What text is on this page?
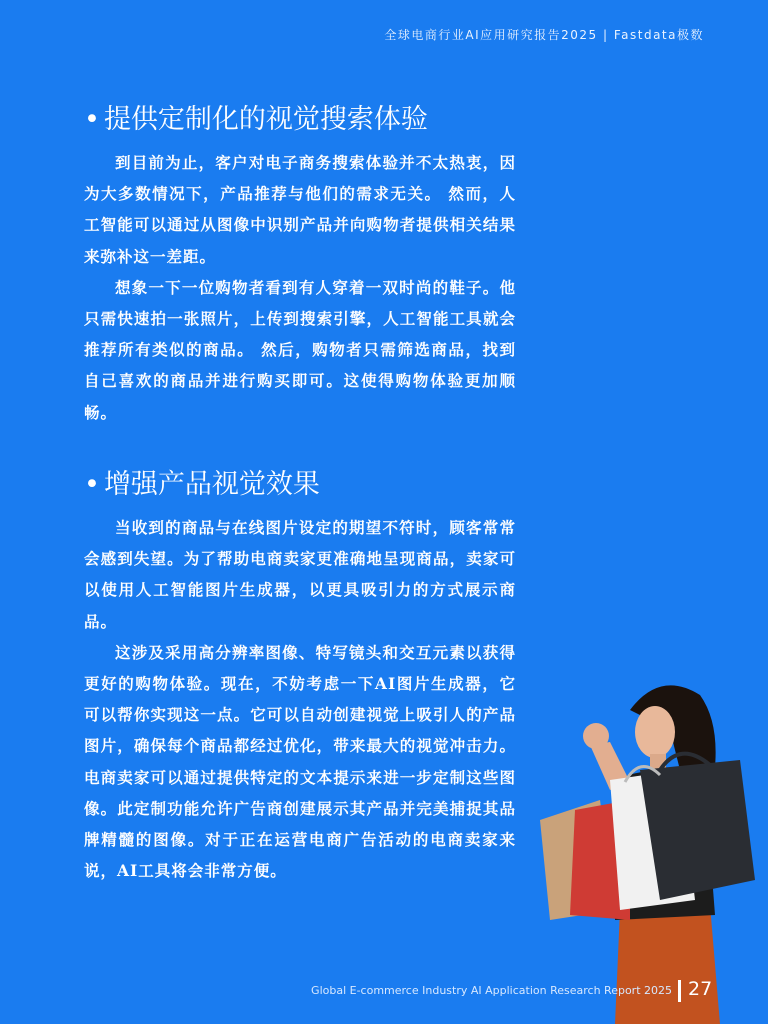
全球电商行业AI应用研究报告2025 | Fastdata极数
• 提供定制化的视觉搜索体验

到目前为止，客户对电子商务搜索体验并不太热衷，因为大多数情况下，产品推荐与他们的需求无关。 然而，人工智能可以通过从图像中识别产品并向购物者提供相关结果来弥补这一差距。

想象一下一位购物者看到有人穿着一双时尚的鞋子。他只需快速拍一张照片，上传到搜索引擎，人工智能工具就会推荐所有类似的商品。 然后，购物者只需筛选商品，找到自己喜欢的商品并进行购买即可。这使得购物体验更加顺畅。

• 增强产品视觉效果

当收到的商品与在线图片设定的期望不符时，顾客常常会感到失望。为了帮助电商卖家更准确地呈现商品，卖家可以使用人工智能图片生成器，以更具吸引力的方式展示商品。

这涉及采用高分辨率图像、特写镜头和交互元素以获得更好的购物体验。现在，不妨考虑一下AI图片生成器，它可以帮你实现这一点。它可以自动创建视觉上吸引人的产品图片，确保每个商品都经过优化，带来最大的视觉冲击力。电商卖家可以通过提供特定的文本提示来进一步定制这些图像。此定制功能允许广告商创建展示其产品并完美捕捉其品牌精髓的图像。对于正在运营电商广告活动的电商卖家来说，AI工具将会非常方便。

Global E-commerce Industry AI Application Research Report 2025 27
